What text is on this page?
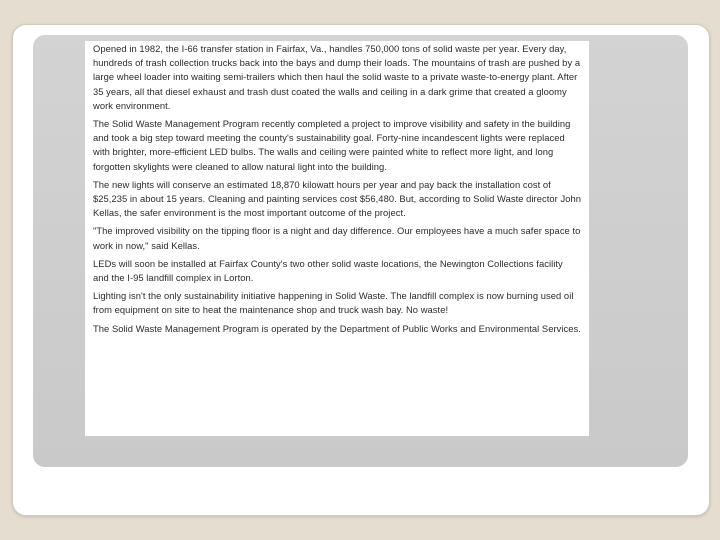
Opened in 1982, the I-66 transfer station in Fairfax, Va., handles 750,000 tons of solid waste per year. Every day, hundreds of trash collection trucks back into the bays and dump their loads. The mountains of trash are pushed by a large wheel loader into waiting semi-trailers which then haul the solid waste to a private waste-to-energy plant. After 35 years, all that diesel exhaust and trash dust coated the walls and ceiling in a dark grime that created a gloomy work environment.

The Solid Waste Management Program recently completed a project to improve visibility and safety in the building and took a big step toward meeting the county's sustainability goal. Forty-nine incandescent lights were replaced with brighter, more-efficient LED bulbs. The walls and ceiling were painted white to reflect more light, and long forgotten skylights were cleaned to allow natural light into the building.

The new lights will conserve an estimated 18,870 kilowatt hours per year and pay back the installation cost of $25,235 in about 15 years. Cleaning and painting services cost $56,480. But, according to Solid Waste director John Kellas, the safer environment is the most important outcome of the project.

"The improved visibility on the tipping floor is a night and day difference. Our employees have a much safer space to work in now," said Kellas.

LEDs will soon be installed at Fairfax County's two other solid waste locations, the Newington Collections facility and the I-95 landfill complex in Lorton.

Lighting isn't the only sustainability initiative happening in Solid Waste. The landfill complex is now burning used oil from equipment on site to heat the maintenance shop and truck wash bay. No waste!

The Solid Waste Management Program is operated by the Department of Public Works and Environmental Services.
